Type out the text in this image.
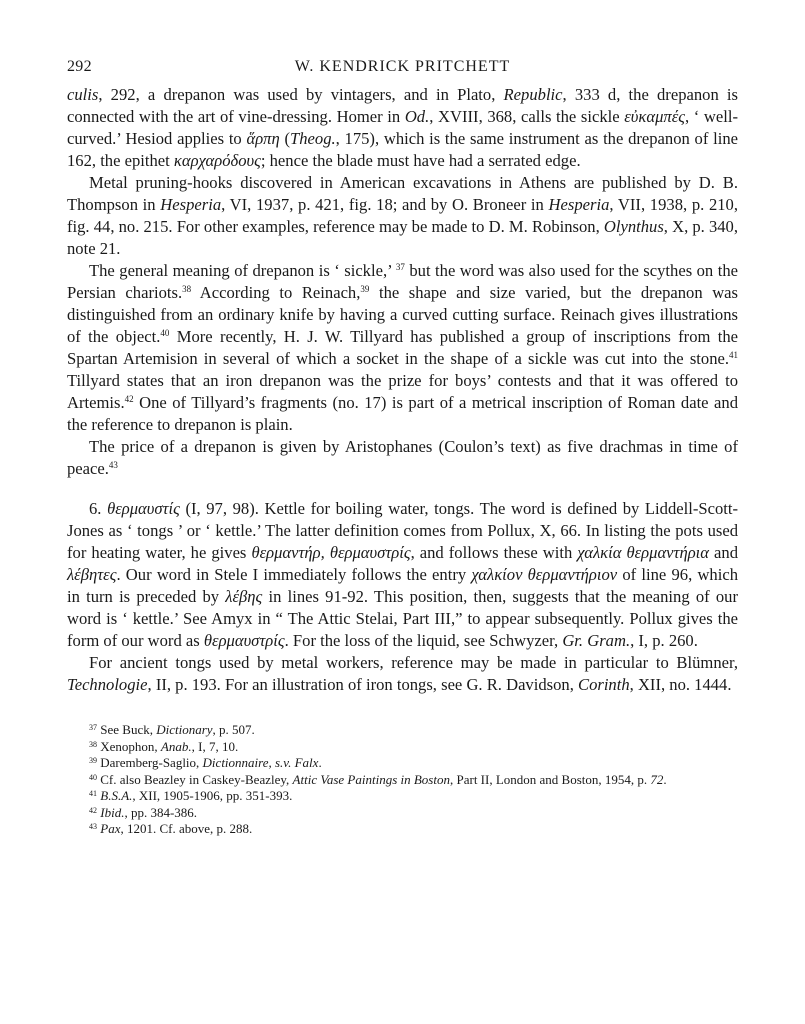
292	W. KENDRICK PRITCHETT

culis, 292, a drepanon was used by vintagers, and in Plato, Republic, 333 d, the drepanon is connected with the art of vine-dressing. Homer in Od., XVIII, 368, calls the sickle εὐκαμπές, ‘ well-curved.’ Hesiod applies to ἅρπη (Theog., 175), which is the same instrument as the drepanon of line 162, the epithet καρχαρόδους; hence the blade must have had a serrated edge.

Metal pruning-hooks discovered in American excavations in Athens are published by D. B. Thompson in Hesperia, VI, 1937, p. 421, fig. 18; and by O. Broneer in Hesperia, VII, 1938, p. 210, fig. 44, no. 215. For other examples, reference may be made to D. M. Robinson, Olynthus, X, p. 340, note 21.

The general meaning of drepanon is ‘ sickle,’ $^{37}$ but the word was also used for the scythes on the Persian chariots.$^{38}$ According to Reinach,$^{39}$ the shape and size varied, but the drepanon was distinguished from an ordinary knife by having a curved cutting surface. Reinach gives illustrations of the object.$^{40}$ More recently, H. J. W. Tillyard has published a group of inscriptions from the Spartan Artemision in several of which a socket in the shape of a sickle was cut into the stone.$^{41}$ Tillyard states that an iron drepanon was the prize for boys’ contests and that it was offered to Artemis.$^{42}$ One of Tillyard’s fragments (no. 17) is part of a metrical inscription of Roman date and the reference to drepanon is plain.

The price of a drepanon is given by Aristophanes (Coulon’s text) as five drachmas in time of peace.$^{43}$

6. θερμαυστίς (I, 97, 98). Kettle for boiling water, tongs. The word is defined by Liddell-Scott-Jones as ‘ tongs ’ or ‘ kettle.’ The latter definition comes from Pollux, X, 66. In listing the pots used for heating water, he gives θερμαντήρ, θερμαυστρίς, and follows these with χαλκία θερμαντήρια and λέβητες. Our word in Stele I immediately follows the entry χαλκίον θερμαντήριον of line 96, which in turn is preceded by λέβης in lines 91-92. This position, then, suggests that the meaning of our word is ‘ kettle.’ See Amyx in “ The Attic Stelai, Part III,” to appear subsequently. Pollux gives the form of our word as θερμαυστρίς. For the loss of the liquid, see Schwyzer, Gr. Gram., I, p. 260.

For ancient tongs used by metal workers, reference may be made in particular to Blümner, Technologie, II, p. 193. For an illustration of iron tongs, see G. R. Davidson, Corinth, XII, no. 1444.

$^{37}$ See Buck, Dictionary, p. 507.

$^{38}$ Xenophon, Anab., I, 7, 10.

$^{39}$ Daremberg-Saglio, Dictionnaire, s.v. Falx.

$^{40}$ Cf. also Beazley in Caskey-Beazley, Attic Vase Paintings in Boston, Part II, London and Boston, 1954, p. 72.

$^{41}$ B.S.A., XII, 1905-1906, pp. 351-393.

$^{42}$ Ibid., pp. 384-386.

$^{43}$ Pax, 1201. Cf. above, p. 288.
